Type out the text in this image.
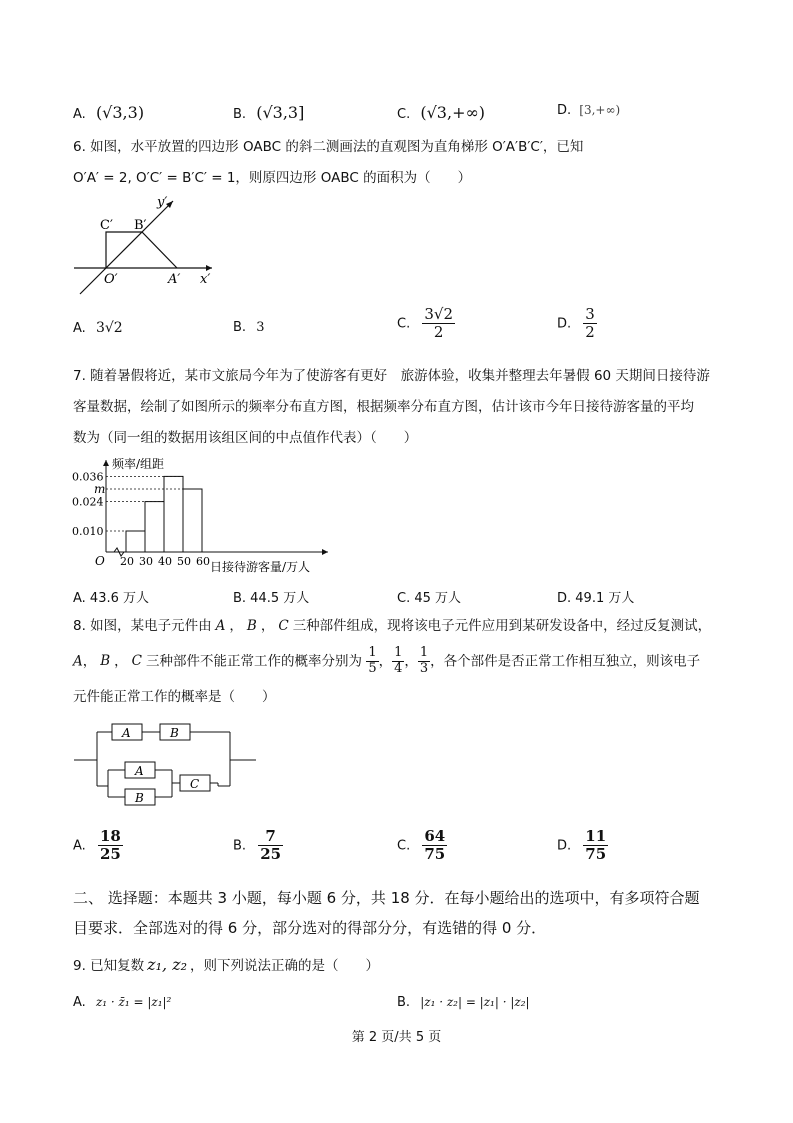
A. (√3,3)	B. (√3,3]	C. (√3,+∞)	D. [3,+∞)
6. 如图，水平放置的四边形 OABC 的斜二测画法的直观图为直角梯形 O′A′B′C′，已知
O′A′ = 2, O′C′ = B′C′ = 1，则原四边形 OABC 的面积为（　　）
C′ B′
O′	A′ x′
y′
A. 3√2	B. 3	C. $\frac{3√2}{2}$	D. $\frac{3}{2}$
7. 随着暑假将近，某市文旅局今年为了使游客有更好　旅游体验，收集并整理去年暑假 60 天期间日接待游
客量数据，绘制了如图所示的频率分布直方图，根据频率分布直方图，估计该市今年日接待游客量的平均
数为（同一组的数据用该组区间的中点值作代表）（　　）
频率/组距
日接待游客量/万人
O
0.036
m
0.024
0.010
20 30 40 50 60
A. 43.6 万人	B. 44.5 万人	C. 45 万人	D. 49.1 万人
8. 如图，某电子元件由 A ， B ， C 三种部件组成，现将该电子元件应用到某研发设备中，经过反复测试，
A， B ， C 三种部件不能正常工作的概率分别为 $\frac{1}{5}$ ， $\frac{1}{4}$ ， $\frac{1}{3}$ ，各个部件是否正常工作相互独立，则该电子
元件能正常工作的概率是（　　）
A	B
A
B
C
A. $\frac{18}{25}$	B. $\frac{7}{25}$	C. $\frac{64}{75}$	D. $\frac{11}{75}$
二、 选择题：本题共 3 小题，每小题 6 分，共 18 分．在每小题给出的选项中，有多项符合题
目要求．全部选对的得 6 分，部分选对的得部分分，有选错的得 0 分．
9. 已知复数 z₁, z₂ ，则下列说法正确的是（　　）
A. z₁ · z̄₁ = |z₁|²	B. |z₁ · z₂| = |z₁| · |z₂|
第 2 页/共 5 页
